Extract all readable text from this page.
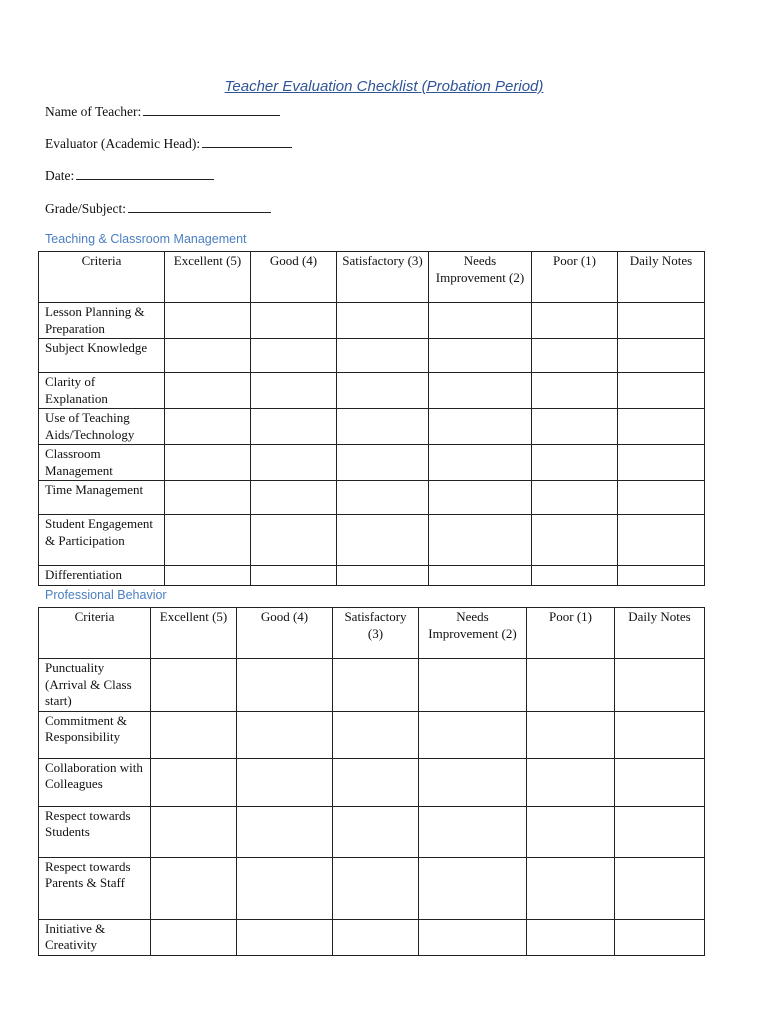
Teacher Evaluation Checklist (Probation Period)
Name of Teacher:
Evaluator (Academic Head):
Date:
Grade/Subject:
Teaching & Classroom Management
Criteria	Excellent (5)	Good (4)	Satisfactory (3)	Needs Improvement (2)	Poor (1)	Daily Notes
Lesson Planning & Preparation						
Subject Knowledge						
Clarity of Explanation						
Use of Teaching Aids/Technology						
Classroom Management						
Time Management						
Student Engagement & Participation						
Differentiation						
Professional Behavior
Criteria	Excellent (5)	Good (4)	Satisfactory (3)	Needs Improvement (2)	Poor (1)	Daily Notes
Punctuality (Arrival & Class start)						
Commitment & Responsibility						
Collaboration with Colleagues						
Respect towards Students						
Respect towards Parents & Staff						
Initiative & Creativity						
